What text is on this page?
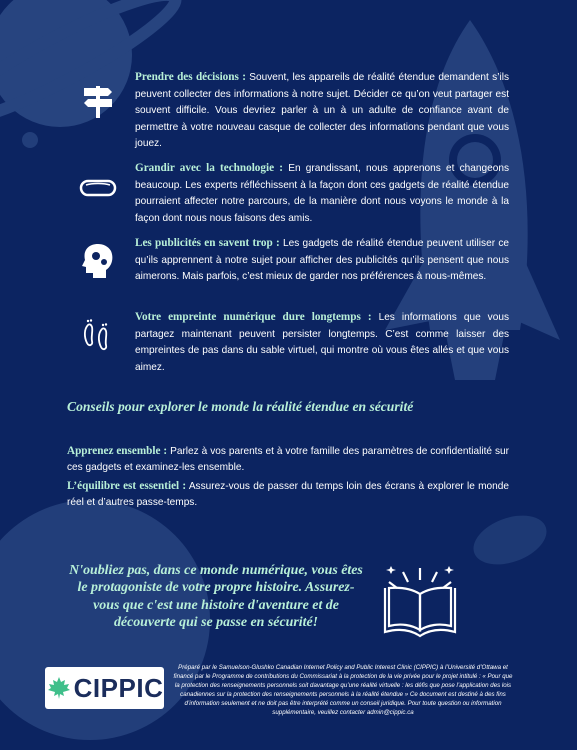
Prendre des décisions : Souvent, les appareils de réalité étendue demandent s’ils peuvent collecter des informations à notre sujet. Décider ce qu’on veut partager est souvent difficile. Vous devriez parler à un à un adulte de confiance avant de permettre à votre nouveau casque de collecter des informations pendant que vous jouez.
Grandir avec la technologie : En grandissant, nous apprenons et changeons beaucoup. Les experts réfléchissent à la façon dont ces gadgets de réalité étendue pourraient affecter notre parcours, de la manière dont nous voyons le monde à la façon dont nous nous faisons des amis.
Les publicités en savent trop : Les gadgets de réalité étendue peuvent utiliser ce qu’ils apprennent à notre sujet pour afficher des publicités qu’ils pensent que nous aimerons. Mais parfois, c’est mieux de garder nos préférences à nous-mêmes.
Votre empreinte numérique dure longtemps : Les informations que vous partagez maintenant peuvent persister longtemps. C’est comme laisser des empreintes de pas dans du sable virtuel, qui montre où vous êtes allés et que vous aimez.
Conseils pour explorer le monde la réalité étendue en sécurité
Apprenez ensemble : Parlez à vos parents et à votre famille des paramètres de confidentialité sur ces gadgets et examinez-les ensemble.
L’équilibre est essentiel : Assurez-vous de passer du temps loin des écrans à explorer le monde réel et d’autres passe-temps.
N'oubliez pas, dans ce monde numérique, vous êtes le protagoniste de votre propre histoire. Assurez-vous que c'est une histoire d'aventure et de découverte qui se passe en sécurité!
CIPPIC
Préparé par le Samuelson-Glushko Canadian Internet Policy and Public Interest Clinic (CIPPIC) à l’Université d’Ottawa et financé par le Programme de contributions du Commissariat à la protection de la vie privée pour le projet intitulé : « Pour que la protection des renseignements personnels soit davantage qu’une réalité virtuelle : les défis que pose l’application des lois canadiennes sur la protection des renseignements personnels à la réalité étendue » Ce document est destiné à des fins d’information seulement et ne doit pas être interprété comme un conseil juridique. Pour toute question ou information supplémentaire, veuillez contacter admin@cippic.ca
